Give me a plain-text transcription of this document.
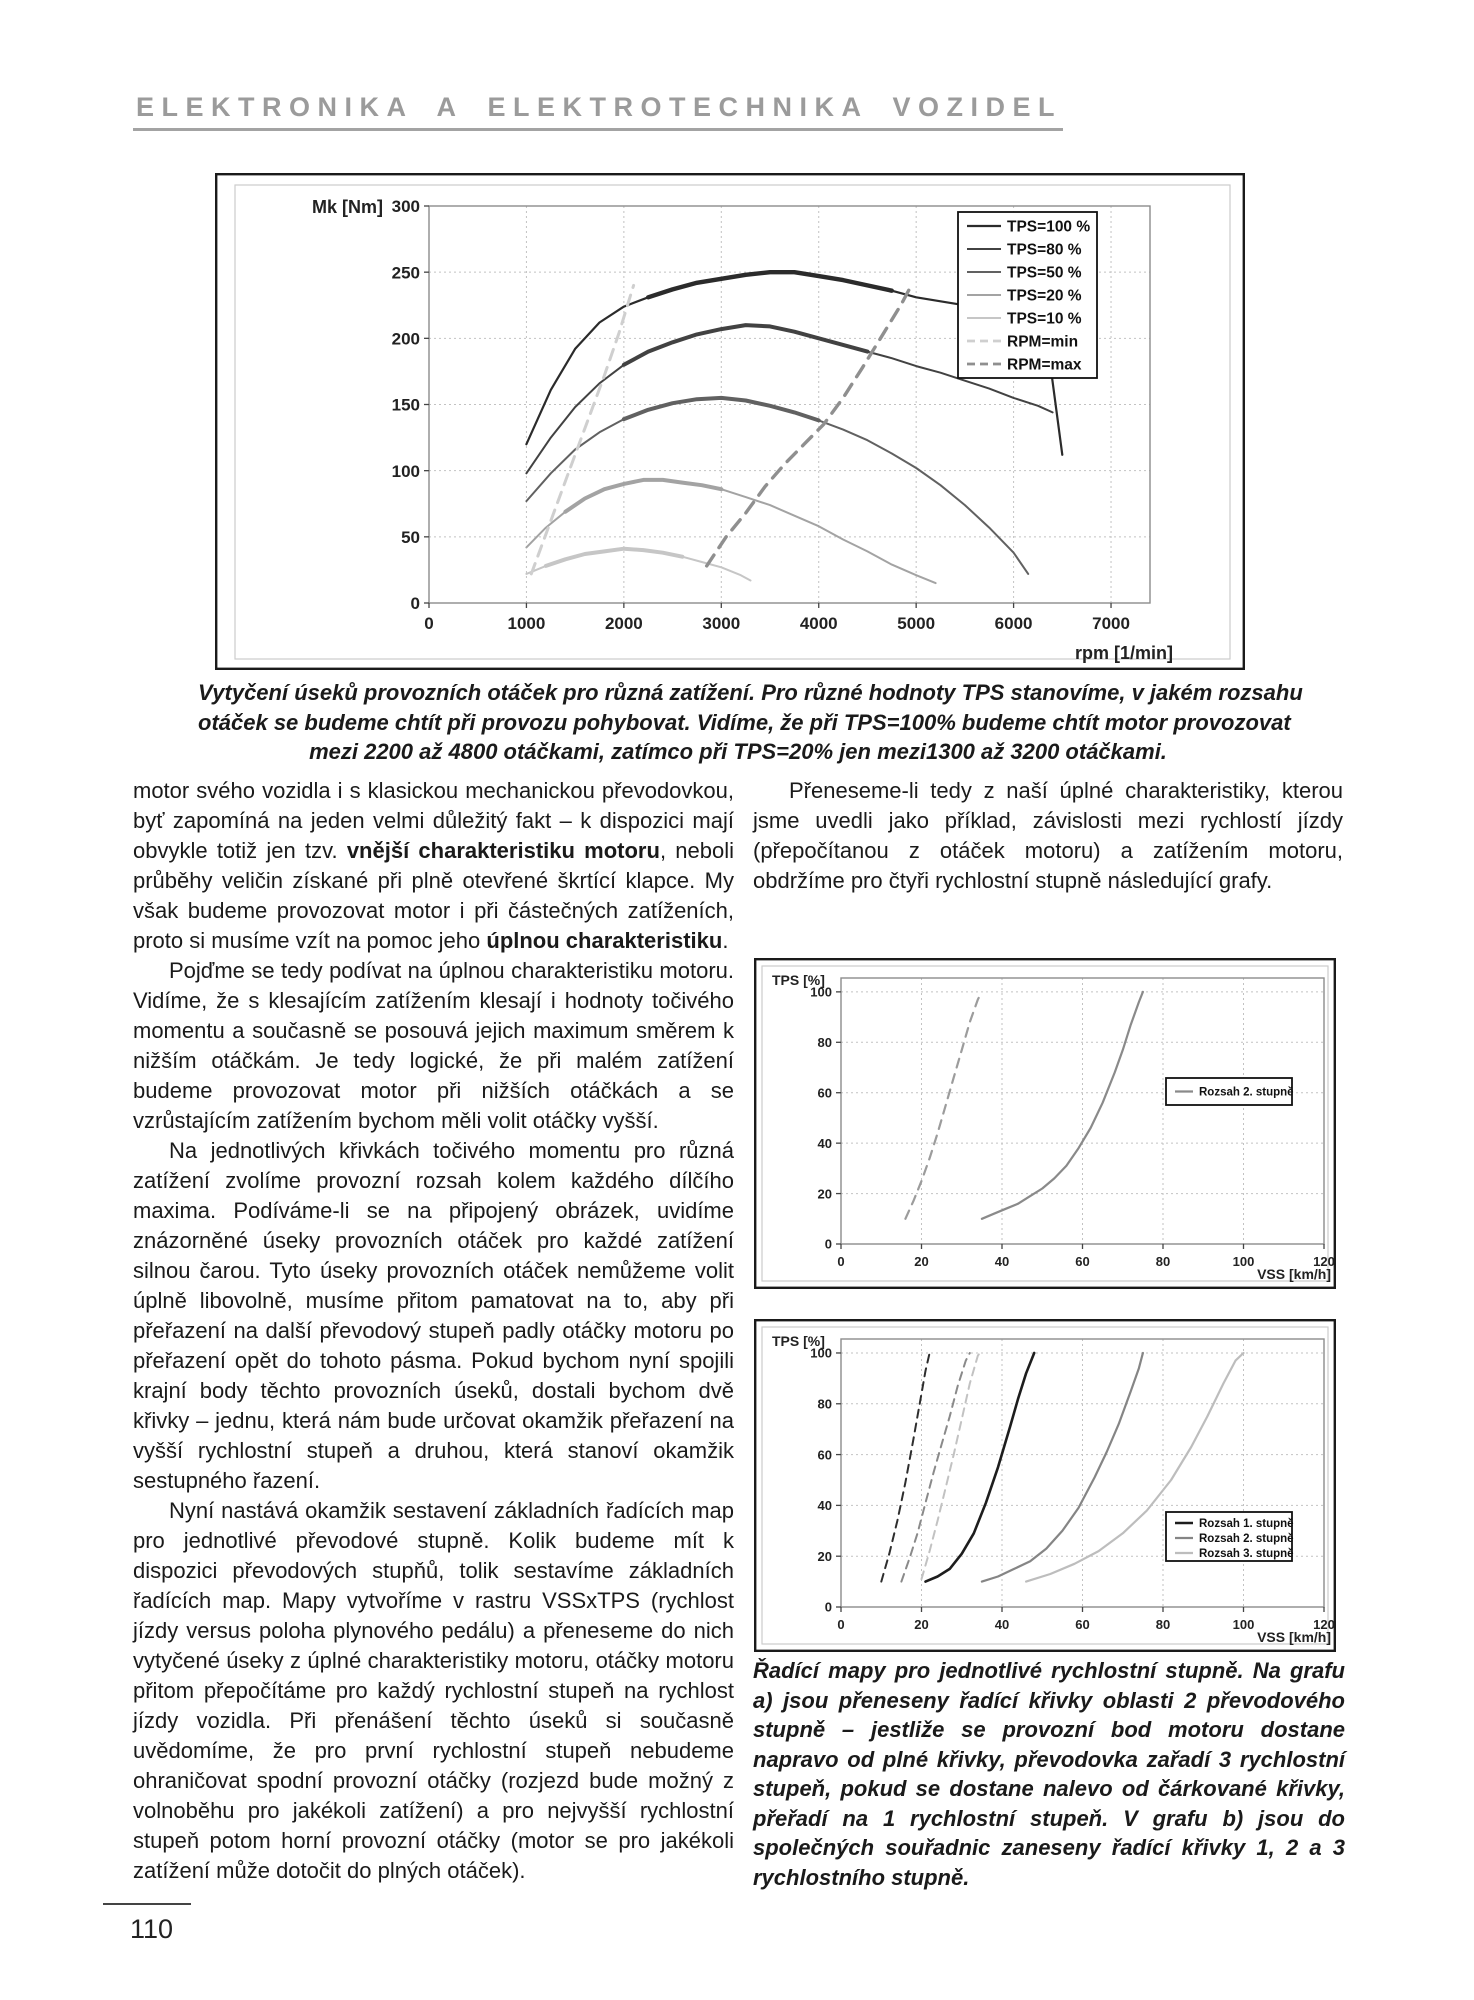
ELEKTRONIKA A ELEKTROTECHNIKA VOZIDEL
0	1000	2000	3000	4000	5000	6000	7000
0
50
100
150
200
250
300
Mk [Nm]
rpm [1/min]
TPS=100 %
TPS=80 %
TPS=50 %
TPS=20 %
TPS=10 %
RPM=min
RPM=max
Vytyčení úseků provozních otáček pro různá zatížení. Pro různé hodnoty TPS stanovíme, v jakém rozsahu
otáček se budeme chtít při provozu pohybovat. Vidíme, že při TPS=100% budeme chtít motor provozovat
mezi 2200 až 4800 otáčkami, zatímco při TPS=20% jen mezi1300 až 3200 otáčkami.

motor svého vozidla i s klasickou mechanickou převodovkou, byť zapomíná na jeden velmi důležitý fakt – k dispozici mají obvykle totiž jen tzv. vnější charakteristiku motoru, neboli průběhy veličin získané při plně otevřené škrtící klapce. My však budeme provozovat motor i při částečných zatíženích, proto si musíme vzít na pomoc jeho úplnou charakteristiku.

Pojďme se tedy podívat na úplnou charakteristiku motoru. Vidíme, že s klesajícím zatížením klesají i hodnoty točivého momentu a současně se posouvá jejich maximum směrem k nižším otáčkám. Je tedy logické, že při malém zatížení budeme provozovat motor při nižších otáčkách a se vzrůstajícím zatížením bychom měli volit otáčky vyšší.

Na jednotlivých křivkách točivého momentu pro různá zatížení zvolíme provozní rozsah kolem každého dílčího maxima. Podíváme-li se na připojený obrázek, uvidíme znázorněné úseky provozních otáček pro každé zatížení silnou čarou. Tyto úseky provozních otáček nemůžeme volit úplně libovolně, musíme přitom pamatovat na to, aby při přeřazení na další převodový stupeň padly otáčky motoru po přeřazení opět do tohoto pásma. Pokud bychom nyní spojili krajní body těchto provozních úseků, dostali bychom dvě křivky – jednu, která nám bude určovat okamžik přeřazení na vyšší rychlostní stupeň a druhou, která stanoví okamžik sestupného řazení.

Nyní nastává okamžik sestavení základních řadících map pro jednotlivé převodové stupně. Kolik budeme mít k dispozici převodových stupňů, tolik sestavíme základních řadících map. Mapy vytvoříme v rastru VSSxTPS (rychlost jízdy versus poloha plynového pedálu) a přeneseme do nich vytyčené úseky z úplné charakteristiky motoru, otáčky motoru přitom přepočítáme pro každý rychlostní stupeň na rychlost jízdy vozidla. Při přenášení těchto úseků si současně uvědomíme, že pro první rychlostní stupeň nebudeme ohraničovat spodní provozní otáčky (rozjezd bude možný z volnoběhu pro jakékoli zatížení) a pro nejvyšší rychlostní stupeň potom horní provozní otáčky (motor se pro jakékoli zatížení může dotočit do plných otáček).

Přeneseme-li tedy z naší úplné charakteristiky, kterou jsme uvedli jako příklad, závislosti mezi rychlostí jízdy (přepočítanou z otáček motoru) a zatížením motoru, obdržíme pro čtyři rychlostní stupně následující grafy.

0	20	40	60	80	100	120
0
20
40
60
80
100
TPS [%]
VSS [km/h]
Rozsah 2. stupně
0	20	40	60	80	100	120
0
20
40
60
80
100
TPS [%]
VSS [km/h]
Rozsah 1. stupně
Rozsah 2. stupně
Rozsah 3. stupně
Řadící mapy pro jednotlivé rychlostní stupně. Na grafu a) jsou přeneseny řadící křivky oblasti 2 převodového stupně – jestliže se provozní bod motoru dostane napravo od plné křivky, převodovka zařadí 3 rychlostní stupeň, pokud se dostane nalevo od čárkované křivky, přeřadí na 1 rychlostní stupeň. V grafu b) jsou do společných souřadnic zaneseny řadící křivky 1, 2 a 3 rychlostního stupně.
110
